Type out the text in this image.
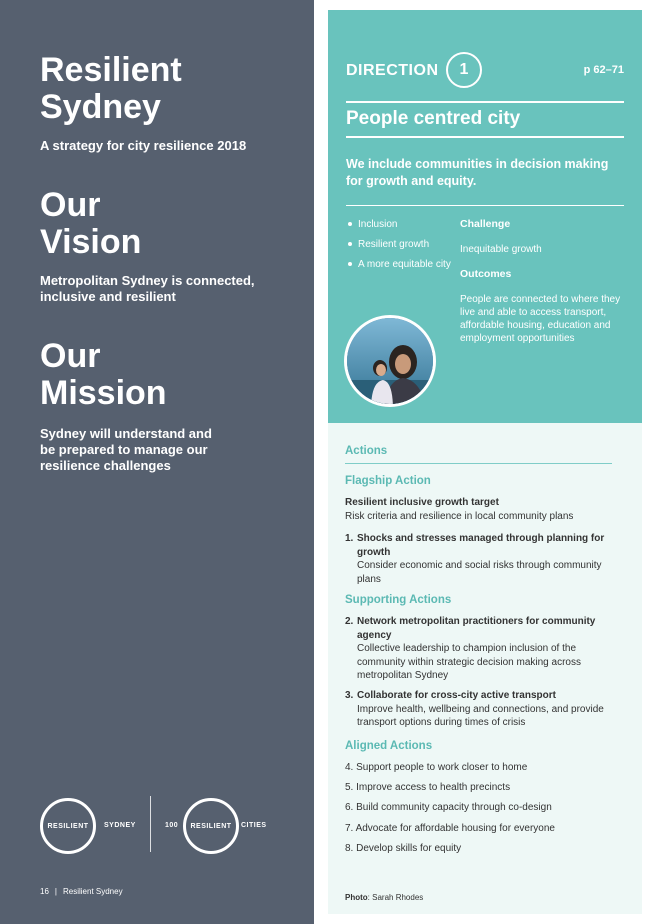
Resilient
Sydney
A strategy for city resilience 2018
Our
Vision
Metropolitan Sydney is connected, inclusive and resilient
Our
Mission
Sydney will understand and be prepared to manage our resilience challenges
RESILIENT SYDNEY	100 RESILIENT CITIES
16 | Resilient Sydney
DIRECTION	1	p 62–71
People centred city
We include communities in decision making for growth and equity.
Inclusion
Resilient growth
A more equitable city
Challenge
Inequitable growth
Outcomes
People are connected to where they live and able to access transport, affordable housing, education and employment opportunities
Actions
Flagship Action
Resilient inclusive growth target
Risk criteria and resilience in local community plans
1. Shocks and stresses managed through planning for growth
Consider economic and social risks through community plans
Supporting Actions
2. Network metropolitan practitioners for community agency
Collective leadership to champion inclusion of the community within strategic decision making across metropolitan Sydney
3. Collaborate for cross-city active transport
Improve health, wellbeing and connections, and provide transport options during times of crisis
Aligned Actions
4. Support people to work closer to home
5. Improve access to health precincts
6. Build community capacity through co-design
7. Advocate for affordable housing for everyone
8. Develop skills for equity
Photo: Sarah Rhodes
